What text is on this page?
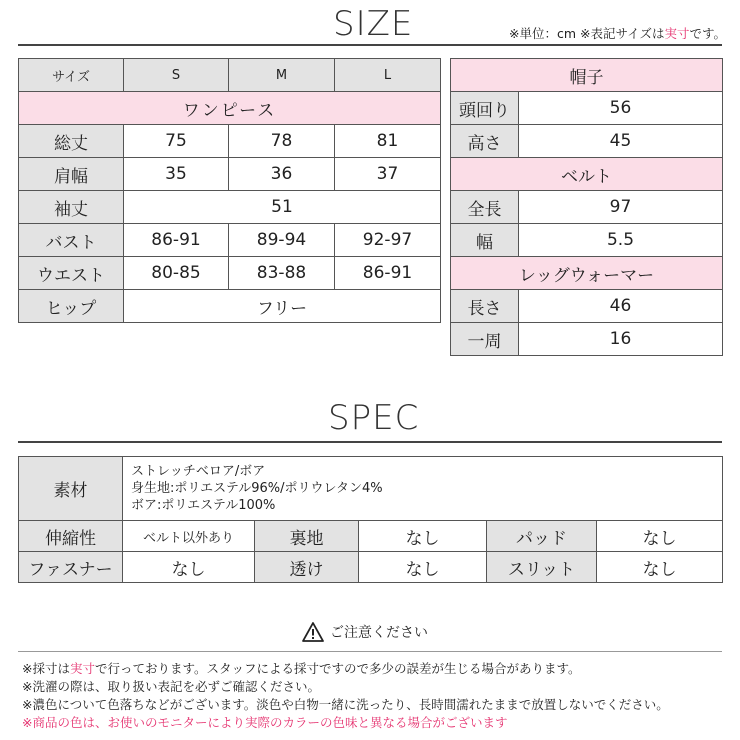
SIZE	※単位：cm ※表記サイズは実寸です。
サイズ	S	M	L
ワンピース			
総丈	75	78	81
肩幅	35	36	37
袖丈	51		
バスト	86-91	89-94	92-97
ウエスト	80-85	83-88	86-91
ヒップ	フリー		
帽子	
頭回り	56
高さ	45
ベルト	
全長	97
幅	5.5
レッグウォーマー	
長さ	46
一周	16
SPEC
素材	ストレッチベロア/ボア
身生地:ポリエステル96%/ポリウレタン4%
ボア:ポリエステル100%				

伸縮性	ベルト以外あり	裏地	なし	パッド	なし
ファスナー	なし	透け	なし	スリット	なし
ご注意ください
※採寸は実寸で行っております。スタッフによる採寸ですので多少の誤差が生じる場合があります。
※洗濯の際は、取り扱い表記を必ずご確認ください。
※濃色について色落ちなどがございます。淡色や白物一緒に洗ったり、長時間濡れたままで放置しないでください。
※商品の色は、お使いのモニターにより実際のカラーの色味と異なる場合がございます
